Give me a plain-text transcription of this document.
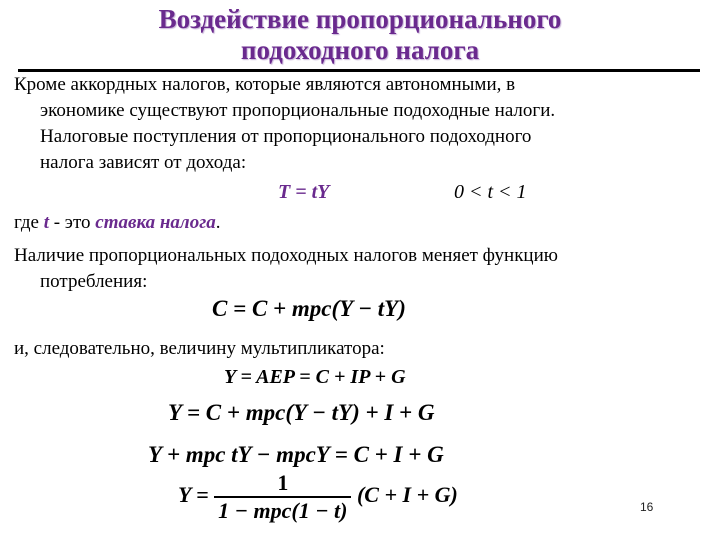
Воздействие пропорционального
подоходного налога
Кроме аккордных налогов, которые являются автономными, в
экономике существуют пропорциональные подоходные налоги.
Налоговые поступления от пропорционального подоходного
налога зависят от дохода:
T = tY	0 < t < 1
где t - это ставка налога.
Наличие пропорциональных подоходных налогов меняет функцию
потребления:
C = C + mpc(Y − tY)
и, следовательно, величину мультипликатора:
Y = AEP = C + IP + G
Y = C + mpc(Y − tY) + I + G
Y + mpc tY − mpcY = C + I + G
$Y = \frac{1}{\text{1 − mpc(1 − t)}} (C + I + G)$	16
